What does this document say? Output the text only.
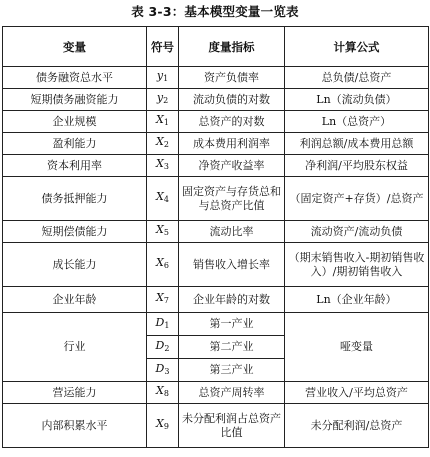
表 3-3：基本模型变量一览表
变量	符号	度量指标	计算公式
债务融资总水平	$y_1$	资产负债率	总负债/总资产
短期债务融资能力	$y_2$	流动负债的对数	Ln（流动负债）
企业规模	$X_1$	总资产的对数	Ln（总资产）
盈利能力	$X_2$	成本费用利润率	利润总额/成本费用总额
资本利用率	$X_3$	净资产收益率	净利润/平均股东权益
债务抵押能力	$X_4$	固定资产与存货总和与总资产比值	（固定资产+存货）/总资产
短期偿债能力	$X_5$	流动比率	流动资产/流动负债
成长能力	$X_6$	销售收入增长率	（期末销售收入-期初销售收入）/期初销售收入
企业年龄	$X_7$	企业年龄的对数	Ln（企业年龄）
行业	$D_1$	第一产业	哑变量
	$D_2$	第二产业	
	$D_3$	第三产业	
营运能力	$X_8$	总资产周转率	营业收入/平均总资产
内部积累水平	$X_9$	未分配利润占总资产比值	未分配利润/总资产
